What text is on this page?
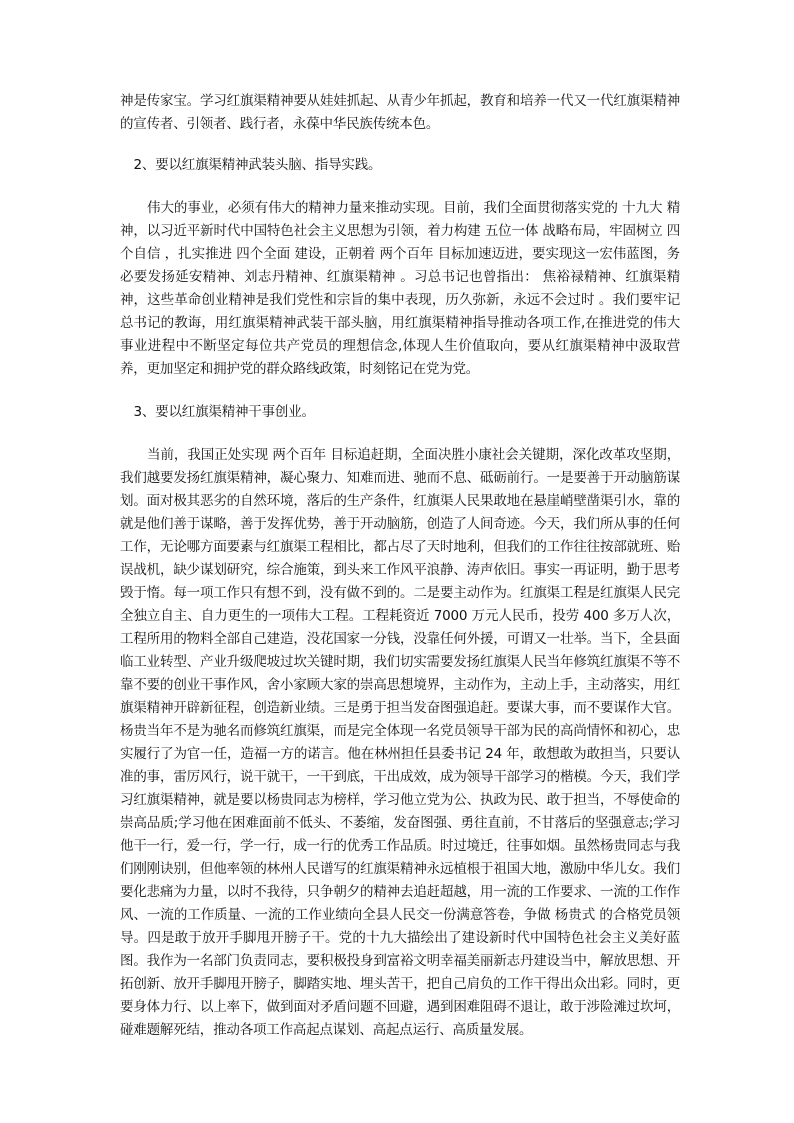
神是传家宝。学习红旗渠精神要从娃娃抓起、从青少年抓起，教育和培养一代又一代红旗渠精神的宣传者、引领者、践行者，永葆中华民族传统本色。

2、要以红旗渠精神武装头脑、指导实践。

伟大的事业，必须有伟大的精神力量来推动实现。目前，我们全面贯彻落实党的 十九大 精神，以习近平新时代中国特色社会主义思想为引领，着力构建 五位一体 战略布局，牢固树立 四个自信 ，扎实推进 四个全面 建设，正朝着 两个百年 目标加速迈进，要实现这一宏伟蓝图，务必要发扬延安精神、刘志丹精神、红旗渠精神 。习总书记也曾指出： 焦裕禄精神、红旗渠精神，这些革命创业精神是我们党性和宗旨的集中表现，历久弥新，永远不会过时 。我们要牢记总书记的教诲，用红旗渠精神武装干部头脑，用红旗渠精神指导推动各项工作,在推进党的伟大事业进程中不断坚定每位共产党员的理想信念,体现人生价值取向，要从红旗渠精神中汲取营养，更加坚定和拥护党的群众路线政策，时刻铭记在党为党。

3、要以红旗渠精神干事创业。

当前，我国正处实现 两个百年 目标追赶期，全面决胜小康社会关键期，深化改革攻坚期，我们越要发扬红旗渠精神，凝心聚力、知难而进、驰而不息、砥砺前行。一是要善于开动脑筋谋划。面对极其恶劣的自然环境，落后的生产条件，红旗渠人民果敢地在悬崖峭壁凿渠引水，靠的就是他们善于谋略，善于发挥优势，善于开动脑筋，创造了人间奇迹。今天，我们所从事的任何工作，无论哪方面要素与红旗渠工程相比，都占尽了天时地利，但我们的工作往往按部就班、贻误战机，缺少谋划研究，综合施策，到头来工作风平浪静、涛声依旧。事实一再证明，勤于思考毁于惰。每一项工作只有想不到，没有做不到的。二是要主动作为。红旗渠工程是红旗渠人民完全独立自主、自力更生的一项伟大工程。工程耗资近 7000 万元人民币，投劳 400 多万人次，工程所用的物料全部自己建造，没花国家一分钱，没靠任何外援，可谓又一壮举。当下，全县面临工业转型、产业升级爬坡过坎关键时期，我们切实需要发扬红旗渠人民当年修筑红旗渠不等不靠不要的创业干事作风，舍小家顾大家的崇高思想境界，主动作为，主动上手，主动落实，用红旗渠精神开辟新征程，创造新业绩。三是勇于担当发奋图强追赶。要谋大事，而不要谋作大官。杨贵当年不是为驰名而修筑红旗渠，而是完全体现一名党员领导干部为民的高尚情怀和初心，忠实履行了为官一任，造福一方的诺言。他在林州担任县委书记 24 年，敢想敢为敢担当，只要认准的事，雷厉风行，说干就干，一干到底，干出成效，成为领导干部学习的楷模。今天，我们学习红旗渠精神，就是要以杨贵同志为榜样，学习他立党为公、执政为民、敢于担当，不辱使命的崇高品质;学习他在困难面前不低头、不萎缩，发奋图强、勇往直前，不甘落后的坚强意志;学习他干一行，爱一行，学一行，成一行的优秀工作品质。时过境迁，往事如烟。虽然杨贵同志与我们刚刚诀别，但他率领的林州人民谱写的红旗渠精神永远植根于祖国大地，激励中华儿女。我们要化悲痛为力量，以时不我待，只争朝夕的精神去追赶超越，用一流的工作要求、一流的工作作风、一流的工作质量、一流的工作业绩向全县人民交一份满意答卷，争做 杨贵式 的合格党员领导。四是敢于放开手脚甩开膀子干。党的十九大描绘出了建设新时代中国特色社会主义美好蓝图。我作为一名部门负责同志，要积极投身到富裕文明幸福美丽新志丹建设当中，解放思想、开拓创新、放开手脚甩开膀子，脚踏实地、埋头苦干，把自己肩负的工作干得出众出彩。同时，更要身体力行、以上率下，做到面对矛盾问题不回避，遇到困难阻碍不退让，敢于涉险滩过坎坷，碰难题解死结，推动各项工作高起点谋划、高起点运行、高质量发展。
